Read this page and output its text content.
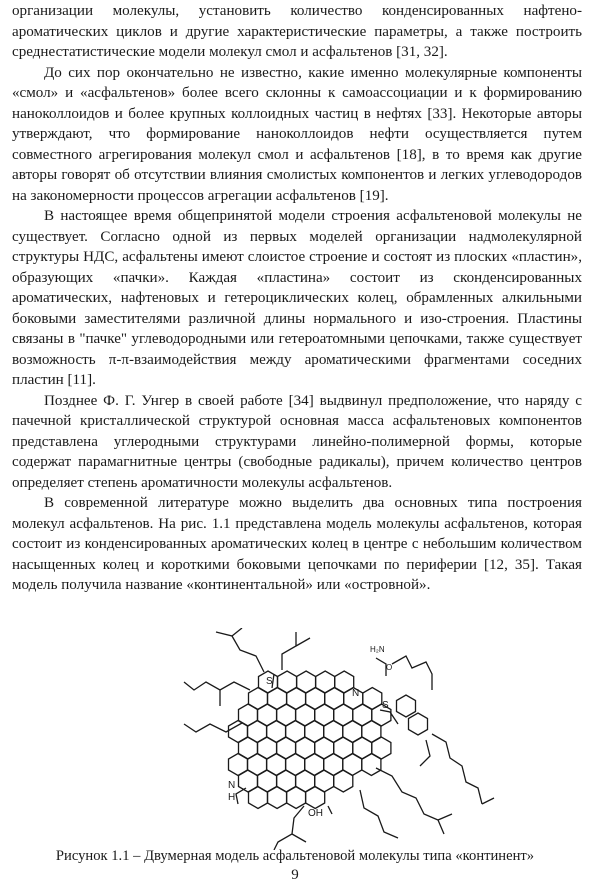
организации молекулы, установить количество конденсированных нафтено-ароматических циклов и другие характеристические параметры, а также построить среднестатистические модели молекул смол и асфальтенов [31, 32].

До сих пор окончательно не известно, какие именно молекулярные компоненты «смол» и «асфальтенов» более всего склонны к самоассоциации и к формированию наноколлоидов и более крупных коллоидных частиц в нефтях [33]. Некоторые авторы утверждают, что формирование наноколлоидов нефти осуществляется путем совместного агрегирования молекул смол и асфальтенов [18], в то время как другие авторы говорят об отсутствии влияния смолистых компонентов и легких углеводородов на закономерности процессов агрегации асфальтенов [19].

В настоящее время общепринятой модели строения асфальтеновой молекулы не существует. Согласно одной из первых моделей организации надмолекулярной структуры НДС, асфальтены имеют слоистое строение и состоят из плоских «пластин», образующих «пачки». Каждая «пластина» состоит из сконденсированных ароматических, нафтеновых и гетероциклических колец, обрамленных алкильными боковыми заместителями различной длины нормального и изо-строения. Пластины связаны в "пачке" углеводородными или гетероатомными цепочками, также существует возможность π-π-взаимодействия между ароматическими фрагментами соседних пластин [11].

Позднее Ф. Г. Унгер в своей работе [34] выдвинул предположение, что наряду с пачечной кристаллической структурой основная масса асфальтеновых компонентов представлена углеродными структурами линейно-полимерной формы, которые содержат парамагнитные центры (свободные радикалы), причем количество центров определяет степень ароматичности молекулы асфальтенов.

В современной литературе можно выделить два основных типа построения молекул асфальтенов. На рис. 1.1 представлена модель молекулы асфальтенов, которая состоит из конденсированных ароматических колец в центре с небольшим количеством насыщенных колец и короткими боковыми цепочками по периферии [12, 35]. Такая модель получила название «континентальной» или «островной».

S
S
N
N
H
OH
H₂N
O
Рисунок 1.1 – Двумерная модель асфальтеновой молекулы типа «континент»
9
